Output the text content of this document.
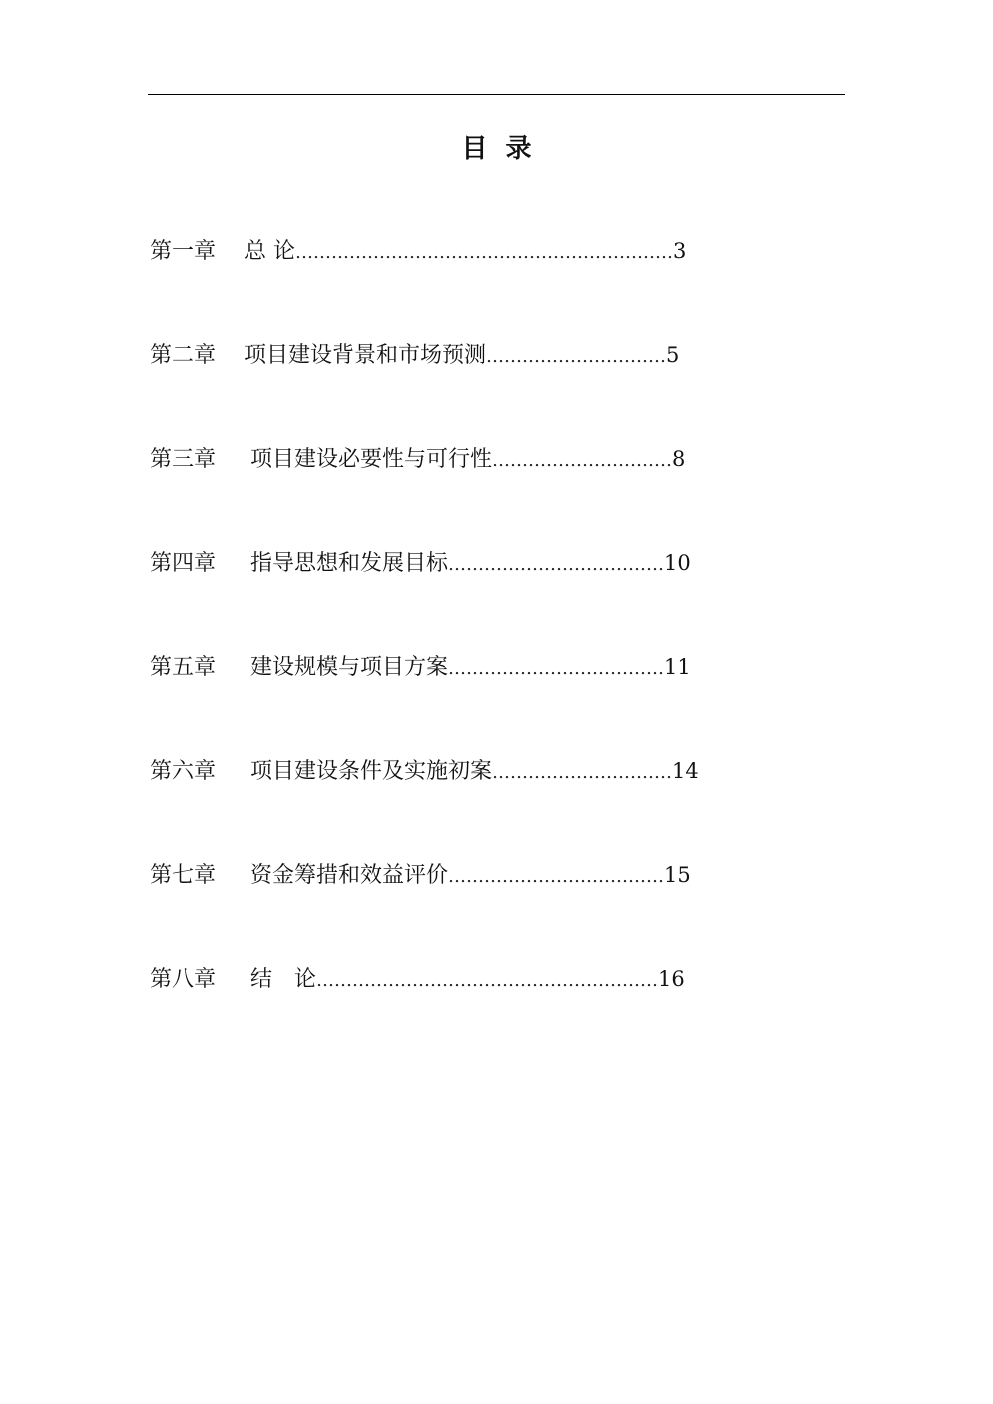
目  录
第一章	总 论 ……………………………………………………… 3
第二章	项目建设背景和市场预测 ………………………… 5
第三章	项目建设必要性与可行性 ………………………… 8
第四章	指导思想和发展目标 ……………………………… 10
第五章	建设规模与项目方案 ……………………………… 11
第六章	项目建设条件及实施初案 ………………………… 14
第七章	资金筹措和效益评价 ……………………………… 15
第八章	结　论 ………………………………………………… 16
